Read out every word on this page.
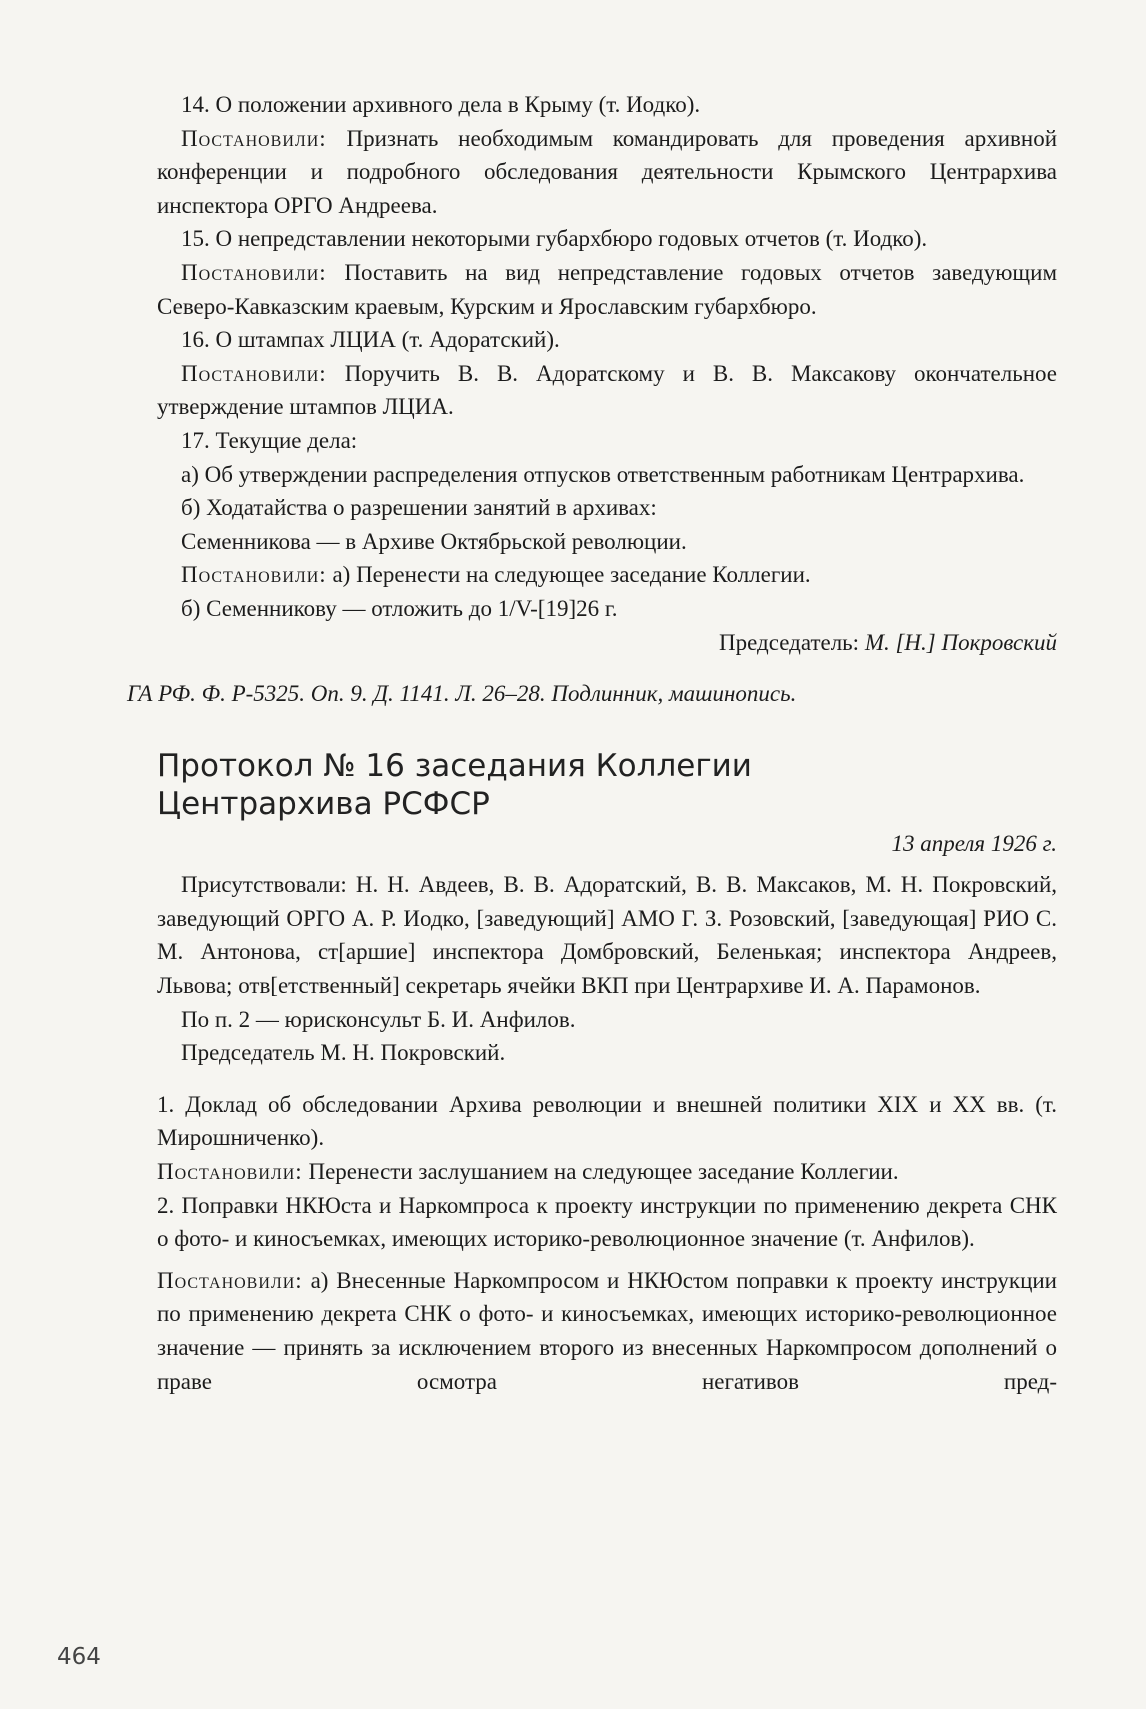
14. О положении архивного дела в Крыму (т. Иодко).

Постановили: Признать необходимым командировать для проведения архивной конференции и подробного обследования деятельности Крымского Центрархива инспектора ОРГО Андреева.

15. О непредставлении некоторыми губархбюро годовых отчетов (т. Иодко).

Постановили: Поставить на вид непредставление годовых отчетов заведующим Северо-Кавказским краевым, Курским и Ярославским губархбюро.

16. О штампах ЛЦИА (т. Адоратский).

Постановили: Поручить В. В. Адоратскому и В. В. Максакову окончательное утверждение штампов ЛЦИА.

17. Текущие дела:

а) Об утверждении распределения отпусков ответственным работникам Центрархива.

б) Ходатайства о разрешении занятий в архивах:

Семенникова — в Архиве Октябрьской революции.

Постановили: а) Перенести на следующее заседание Коллегии.

б) Семенникову — отложить до 1/V-[19]26 г.

Председатель: М. [Н.] Покровский

ГА РФ. Ф. Р-5325. Оп. 9. Д. 1141. Л. 26–28. Подлинник, машинопись.

Протокол № 16 заседания Коллегии
Центрархива РСФСР

13 апреля 1926 г.

Присутствовали: Н. Н. Авдеев, В. В. Адоратский, В. В. Максаков, М. Н. Покровский, заведующий ОРГО А. Р. Иодко, [заведующий] АМО Г. З. Розовский, [заведующая] РИО С. М. Антонова, ст[аршие] инспектора Домбровский, Беленькая; инспектора Андреев, Львова; отв[етственный] секретарь ячейки ВКП при Центрархиве И. А. Парамонов.

По п. 2 — юрисконсульт Б. И. Анфилов.

Председатель М. Н. Покровский.

1. Доклад об обследовании Архива революции и внешней политики XIX и XX вв. (т. Мирошниченко).

Постановили: Перенести заслушанием на следующее заседание Коллегии.

2. Поправки НКЮста и Наркомпроса к проекту инструкции по применению декрета СНК о фото- и киносъемках, имеющих историко-революционное значение (т. Анфилов).

Постановили: а) Внесенные Наркомпросом и НКЮстом поправки к проекту инструкции по применению декрета СНК о фото- и киносъемках, имеющих историко-революционное значение — принять за исключением второго из внесенных Наркомпросом дополнений о праве осмотра негативов пред-

464
